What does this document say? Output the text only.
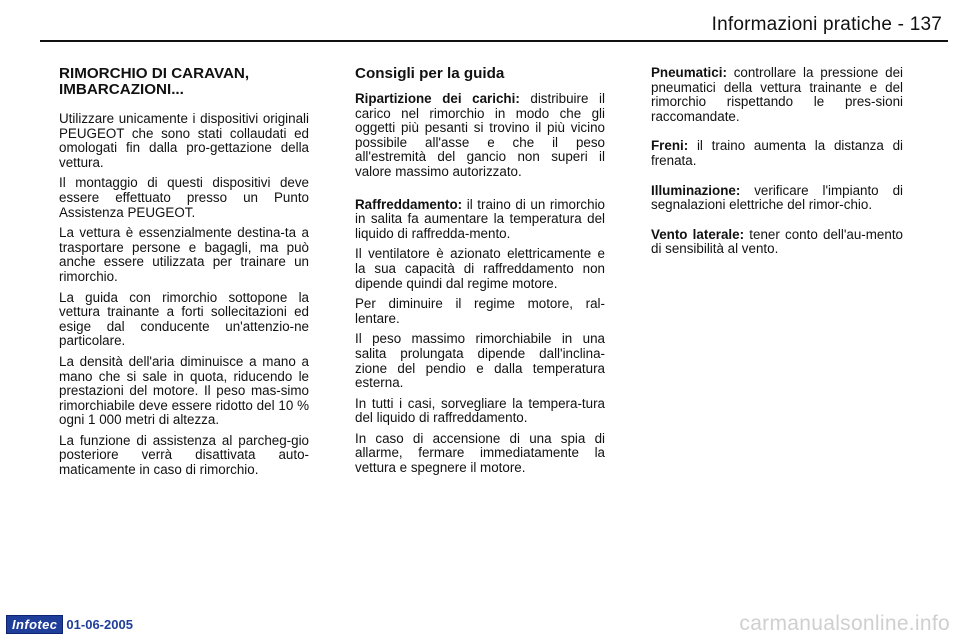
Informazioni pratiche - 137
RIMORCHIO DI CARAVAN, IMBARCAZIONI...

Utilizzare unicamente i dispositivi originali PEUGEOT che sono stati collaudati ed omologati fin dalla pro-gettazione della vettura.

Il montaggio di questi dispositivi deve essere effettuato presso un Punto Assistenza PEUGEOT.

La vettura è essenzialmente destina-ta a trasportare persone e bagagli, ma può anche essere utilizzata per trainare un rimorchio.

La guida con rimorchio sottopone la vettura trainante a forti sollecitazioni ed esige dal conducente un'attenzio-ne particolare.

La densità dell'aria diminuisce a mano a mano che si sale in quota, riducendo le prestazioni del motore. Il peso mas-simo rimorchiabile deve essere ridotto del 10 % ogni 1 000 metri di altezza.

La funzione di assistenza al parcheg-gio posteriore verrà disattivata auto-maticamente in caso di rimorchio.

Consigli per la guida

Ripartizione dei carichi: distribuire il carico nel rimorchio in modo che gli oggetti più pesanti si trovino il più vicino possibile all'asse e che il peso all'estremità del gancio non superi il valore massimo autorizzato.

Raffreddamento: il traino di un rimorchio in salita fa aumentare la temperatura del liquido di raffredda-mento.

Il ventilatore è azionato elettricamente e la sua capacità di raffreddamento non dipende quindi dal regime motore.

Per diminuire il regime motore, ral-lentare.

Il peso massimo rimorchiabile in una salita prolungata dipende dall'inclina-zione del pendio e dalla temperatura esterna.

In tutti i casi, sorvegliare la tempera-tura del liquido di raffreddamento.

In caso di accensione di una spia di allarme, fermare immediatamente la vettura e spegnere il motore.

Pneumatici: controllare la pressione dei pneumatici della vettura trainante e del rimorchio rispettando le pres-sioni raccomandate.

Freni: il traino aumenta la distanza di frenata.

Illuminazione: verificare l'impianto di segnalazioni elettriche del rimor-chio.

Vento laterale: tener conto dell'au-mento di sensibilità al vento.

Infotec 01-06-2005	carmanualsonline.info
